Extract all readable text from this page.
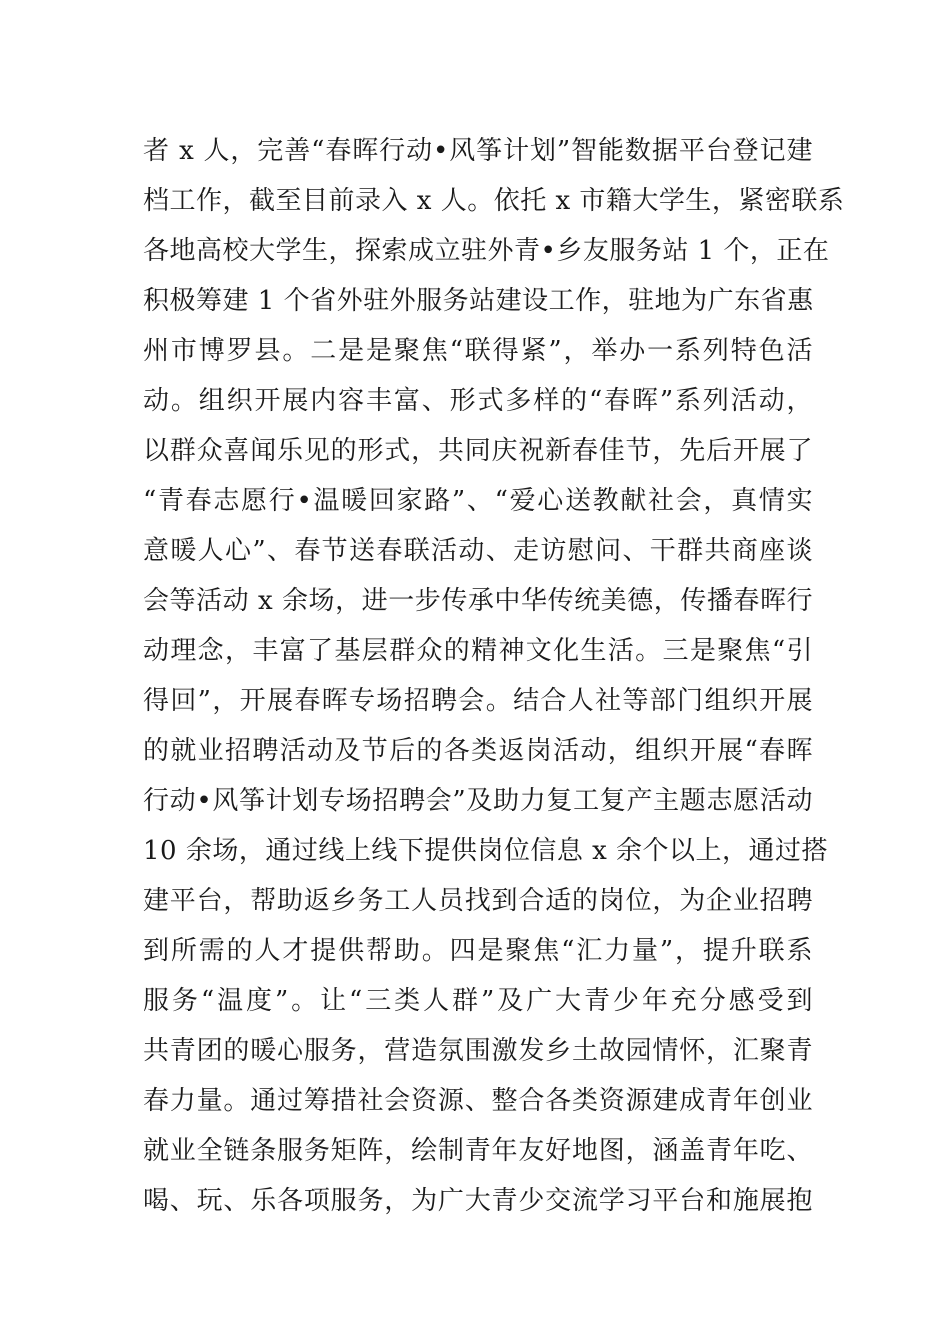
者 x 人，完善“春晖行动•风筝计划”智能数据平台登记建
档工作，截至目前录入 x 人。依托 x 市籍大学生，紧密联系
各地高校大学生，探索成立驻外青•乡友服务站 1 个，正在
积极筹建 1 个省外驻外服务站建设工作，驻地为广东省惠
州市博罗县。二是是聚焦“联得紧”，举办一系列特色活
动。组织开展内容丰富、形式多样的“春晖”系列活动，
以群众喜闻乐见的形式，共同庆祝新春佳节，先后开展了
“青春志愿行•温暖回家路”、“爱心送教献社会，真情实
意暖人心”、春节送春联活动、走访慰问、干群共商座谈
会等活动 x 余场，进一步传承中华传统美德，传播春晖行
动理念，丰富了基层群众的精神文化生活。三是聚焦“引
得回”，开展春晖专场招聘会。结合人社等部门组织开展
的就业招聘活动及节后的各类返岗活动，组织开展“春晖
行动•风筝计划专场招聘会”及助力复工复产主题志愿活动
10 余场，通过线上线下提供岗位信息 x 余个以上，通过搭
建平台，帮助返乡务工人员找到合适的岗位，为企业招聘
到所需的人才提供帮助。四是聚焦“汇力量”，提升联系
服务“温度”。让“三类人群”及广大青少年充分感受到
共青团的暖心服务，营造氛围激发乡土故园情怀，汇聚青
春力量。通过筹措社会资源、整合各类资源建成青年创业
就业全链条服务矩阵，绘制青年友好地图，涵盖青年吃、
喝、玩、乐各项服务，为广大青少交流学习平台和施展抱
